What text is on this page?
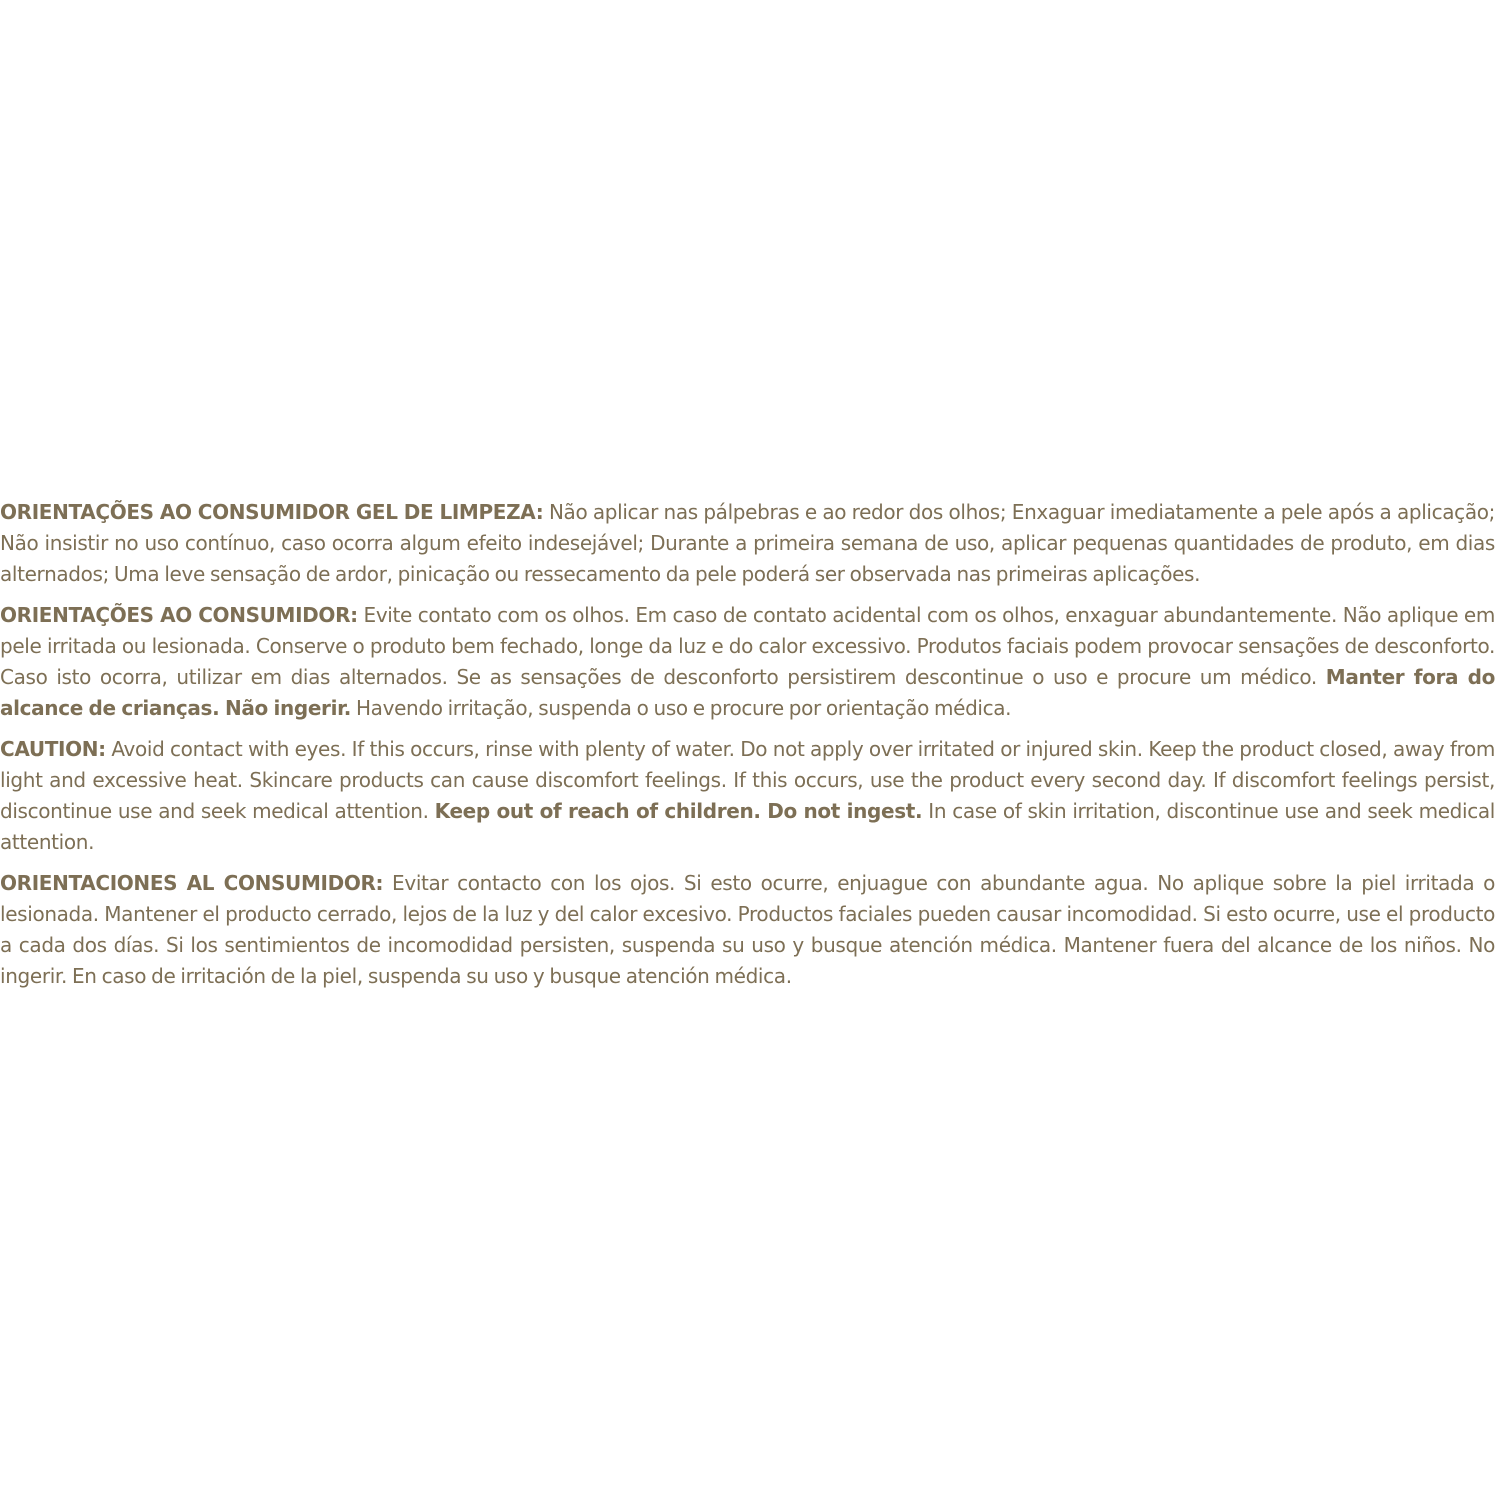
ORIENTAÇÕES AO CONSUMIDOR GEL DE LIMPEZA: Não aplicar nas pálpebras e ao redor dos olhos; Enxaguar imediatamente a pele após a aplicação; Não insistir no uso contínuo, caso ocorra algum efeito indesejável; Durante a primeira semana de uso, aplicar pequenas quantidades de produto, em dias alternados; Uma leve sensação de ardor, pinicação ou ressecamento da pele poderá ser observada nas primeiras aplicações.

ORIENTAÇÕES AO CONSUMIDOR: Evite contato com os olhos. Em caso de contato acidental com os olhos, enxaguar abundantemente. Não aplique em pele irritada ou lesionada. Conserve o produto bem fechado, longe da luz e do calor excessivo. Produtos faciais podem provocar sensações de desconforto. Caso isto ocorra, utilizar em dias alternados. Se as sensações de desconforto persistirem descontinue o uso e procure um médico. Manter fora do alcance de crianças. Não ingerir. Havendo irritação, suspenda o uso e procure por orientação médica.

CAUTION: Avoid contact with eyes. If this occurs, rinse with plenty of water. Do not apply over irritated or injured skin. Keep the product closed, away from light and excessive heat. Skincare products can cause discomfort feelings. If this occurs, use the product every second day. If discomfort feelings persist, discontinue use and seek medical attention. Keep out of reach of children. Do not ingest. In case of skin irritation, discontinue use and seek medical attention.

ORIENTACIONES AL CONSUMIDOR: Evitar contacto con los ojos. Si esto ocurre, enjuague con abundante agua. No aplique sobre la piel irritada o lesionada. Mantener el producto cerrado, lejos de la luz y del calor excesivo. Productos faciales pueden causar incomodidad. Si esto ocurre, use el producto a cada dos días. Si los sentimientos de incomodidad persisten, suspenda su uso y busque atención médica. Mantener fuera del alcance de los niños. No ingerir. En caso de irritación de la piel, suspenda su uso y busque atención médica.
